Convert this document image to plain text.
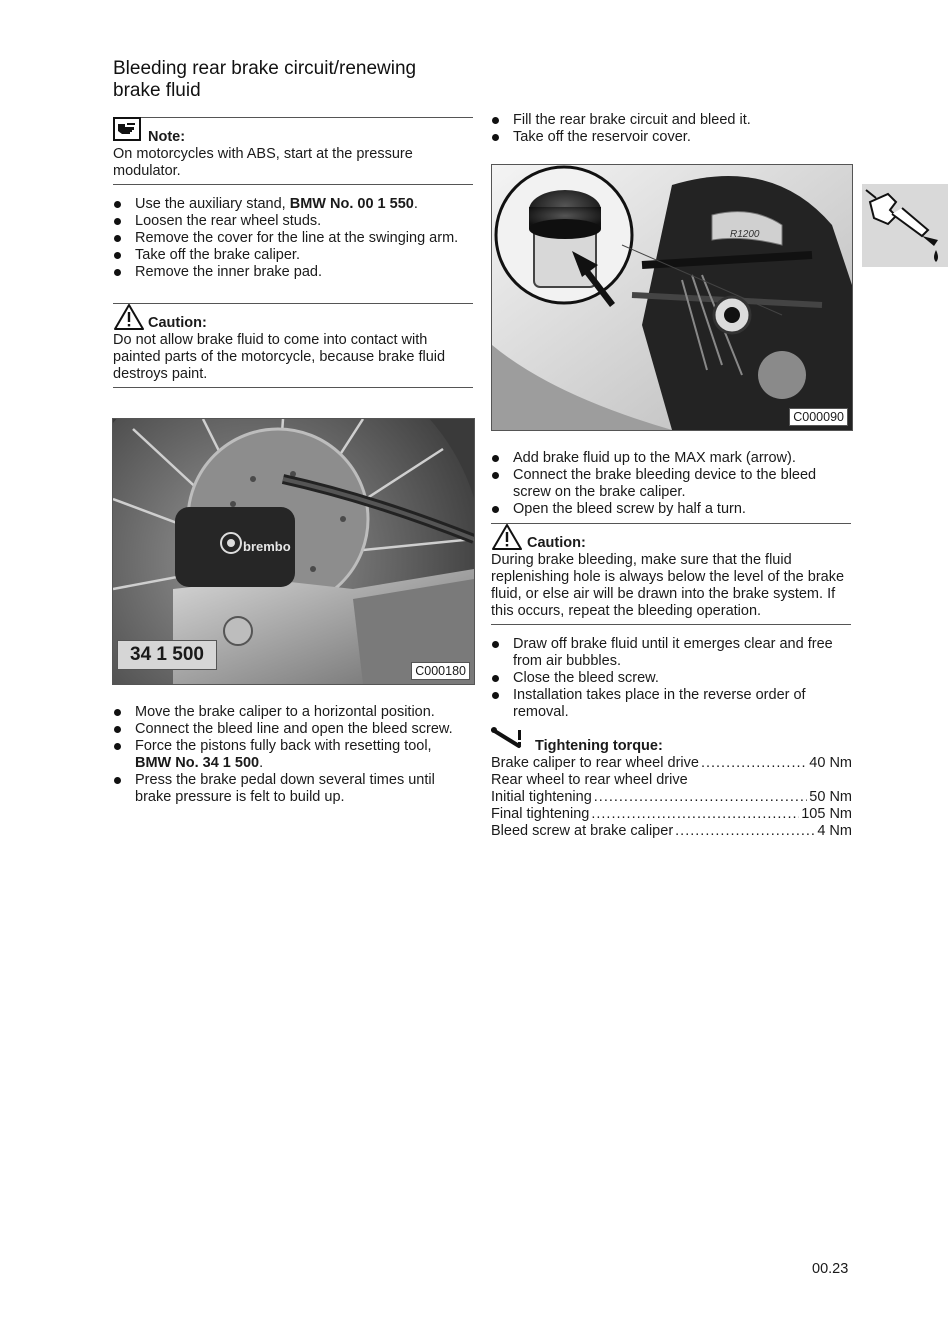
Bleeding rear brake circuit/renewing
brake fluid
Note:
On motorcycles with ABS, start at the pressure modulator.
Use the auxiliary stand, BMW No. 00 1 550.
Loosen the rear wheel studs.
Remove the cover for the line at the swinging arm.
Take off the brake caliper.
Remove the inner brake pad.
Caution:
Do not allow brake fluid to come into contact with painted parts of the motorcycle, because brake fluid destroys paint.
brembo
34 1 500
C000180
Move the brake caliper to a horizontal position.
Connect the bleed line and open the bleed screw.
Force the pistons fully back with resetting tool, BMW No. 34 1 500.
Press the brake pedal down several times until brake pressure is felt to build up.
Fill the rear brake circuit and bleed it.
Take off the reservoir cover.
R1200
C000090
Add brake fluid up to the MAX mark (arrow).
Connect the brake bleeding device to the bleed screw on the brake caliper.
Open the bleed screw by half a turn.
Caution:
During brake bleeding, make sure that the fluid replenishing hole is always below the level of the brake fluid, or else air will be drawn into the brake system. If this occurs, repeat the bleeding operation.
Draw off brake fluid until it emerges clear and free from air bubbles.
Close the bleed screw.
Installation takes place in the reverse order of removal.
Tightening torque:
Brake caliper to rear wheel drive .....	40 Nm
Rear wheel to rear wheel drive
Initial tightening .....	50 Nm
Final tightening .....	105 Nm
Bleed screw at brake caliper .....	4 Nm
00.23
